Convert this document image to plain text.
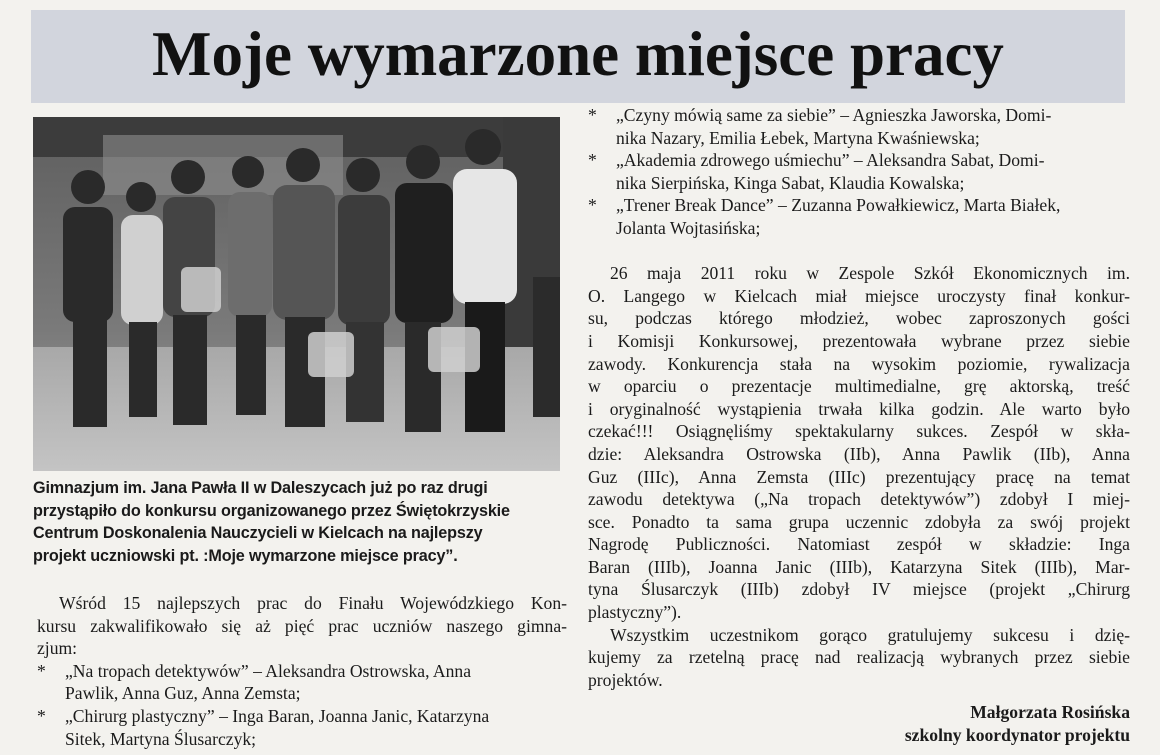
Moje wymarzone miejsce pracy

Gimnazjum im. Jana Pawła II w Daleszycach już po raz drugi

przystąpiło do konkursu organizowanego przez Świętokrzyskie

Centrum Doskonalenia Nauczycieli w Kielcach na najlepszy

projekt uczniowski pt. :Moje wymarzone miejsce pracy”.

Wśród 15 najlepszych prac do Finału Wojewódzkiego Kon-
kursu zakwalifikowało się aż pięć prac uczniów naszego gimna-
zjum:
* „Na tropach detektywów” – Aleksandra Ostrowska, Anna
Pawlik, Anna Guz, Anna Zemsta;
* „Chirurg plastyczny” – Inga Baran, Joanna Janic, Katarzyna
Sitek, Martyna Ślusarczyk;
* „Czyny mówią same za siebie” – Agnieszka Jaworska, Domi-
nika Nazary, Emilia Łebek, Martyna Kwaśniewska;
* „Akademia zdrowego uśmiechu” – Aleksandra Sabat, Domi-
nika Sierpińska, Kinga Sabat, Klaudia Kowalska;
* „Trener Break Dance” – Zuzanna Powałkiewicz, Marta Białek,
Jolanta Wojtasińska;
26 maja 2011 roku w Zespole Szkół Ekonomicznych im.
O. Langego w Kielcach miał miejsce uroczysty finał konkur-
su, podczas którego młodzież, wobec zaproszonych gości
i Komisji Konkursowej, prezentowała wybrane przez siebie
zawody. Konkurencja stała na wysokim poziomie, rywalizacja
w oparciu o prezentacje multimedialne, grę aktorską, treść
i oryginalność wystąpienia trwała kilka godzin. Ale warto było
czekać!!! Osiągnęliśmy spektakularny sukces. Zespół w skła-
dzie: Aleksandra Ostrowska (IIb), Anna Pawlik (IIb), Anna
Guz (IIIc), Anna Zemsta (IIIc) prezentujący pracę na temat
zawodu detektywa („Na tropach detektywów”) zdobył I miej-
sce. Ponadto ta sama grupa uczennic zdobyła za swój projekt
Nagrodę Publiczności. Natomiast zespół w składzie: Inga
Baran (IIIb), Joanna Janic (IIIb), Katarzyna Sitek (IIIb), Mar-
tyna Ślusarczyk (IIIb) zdobył IV miejsce (projekt „Chirurg
plastyczny”).
Wszystkim uczestnikom gorąco gratulujemy sukcesu i dzię-
kujemy za rzetelną pracę nad realizacją wybranych przez siebie
projektów.
Małgorzata Rosińska
szkolny koordynator projektu
